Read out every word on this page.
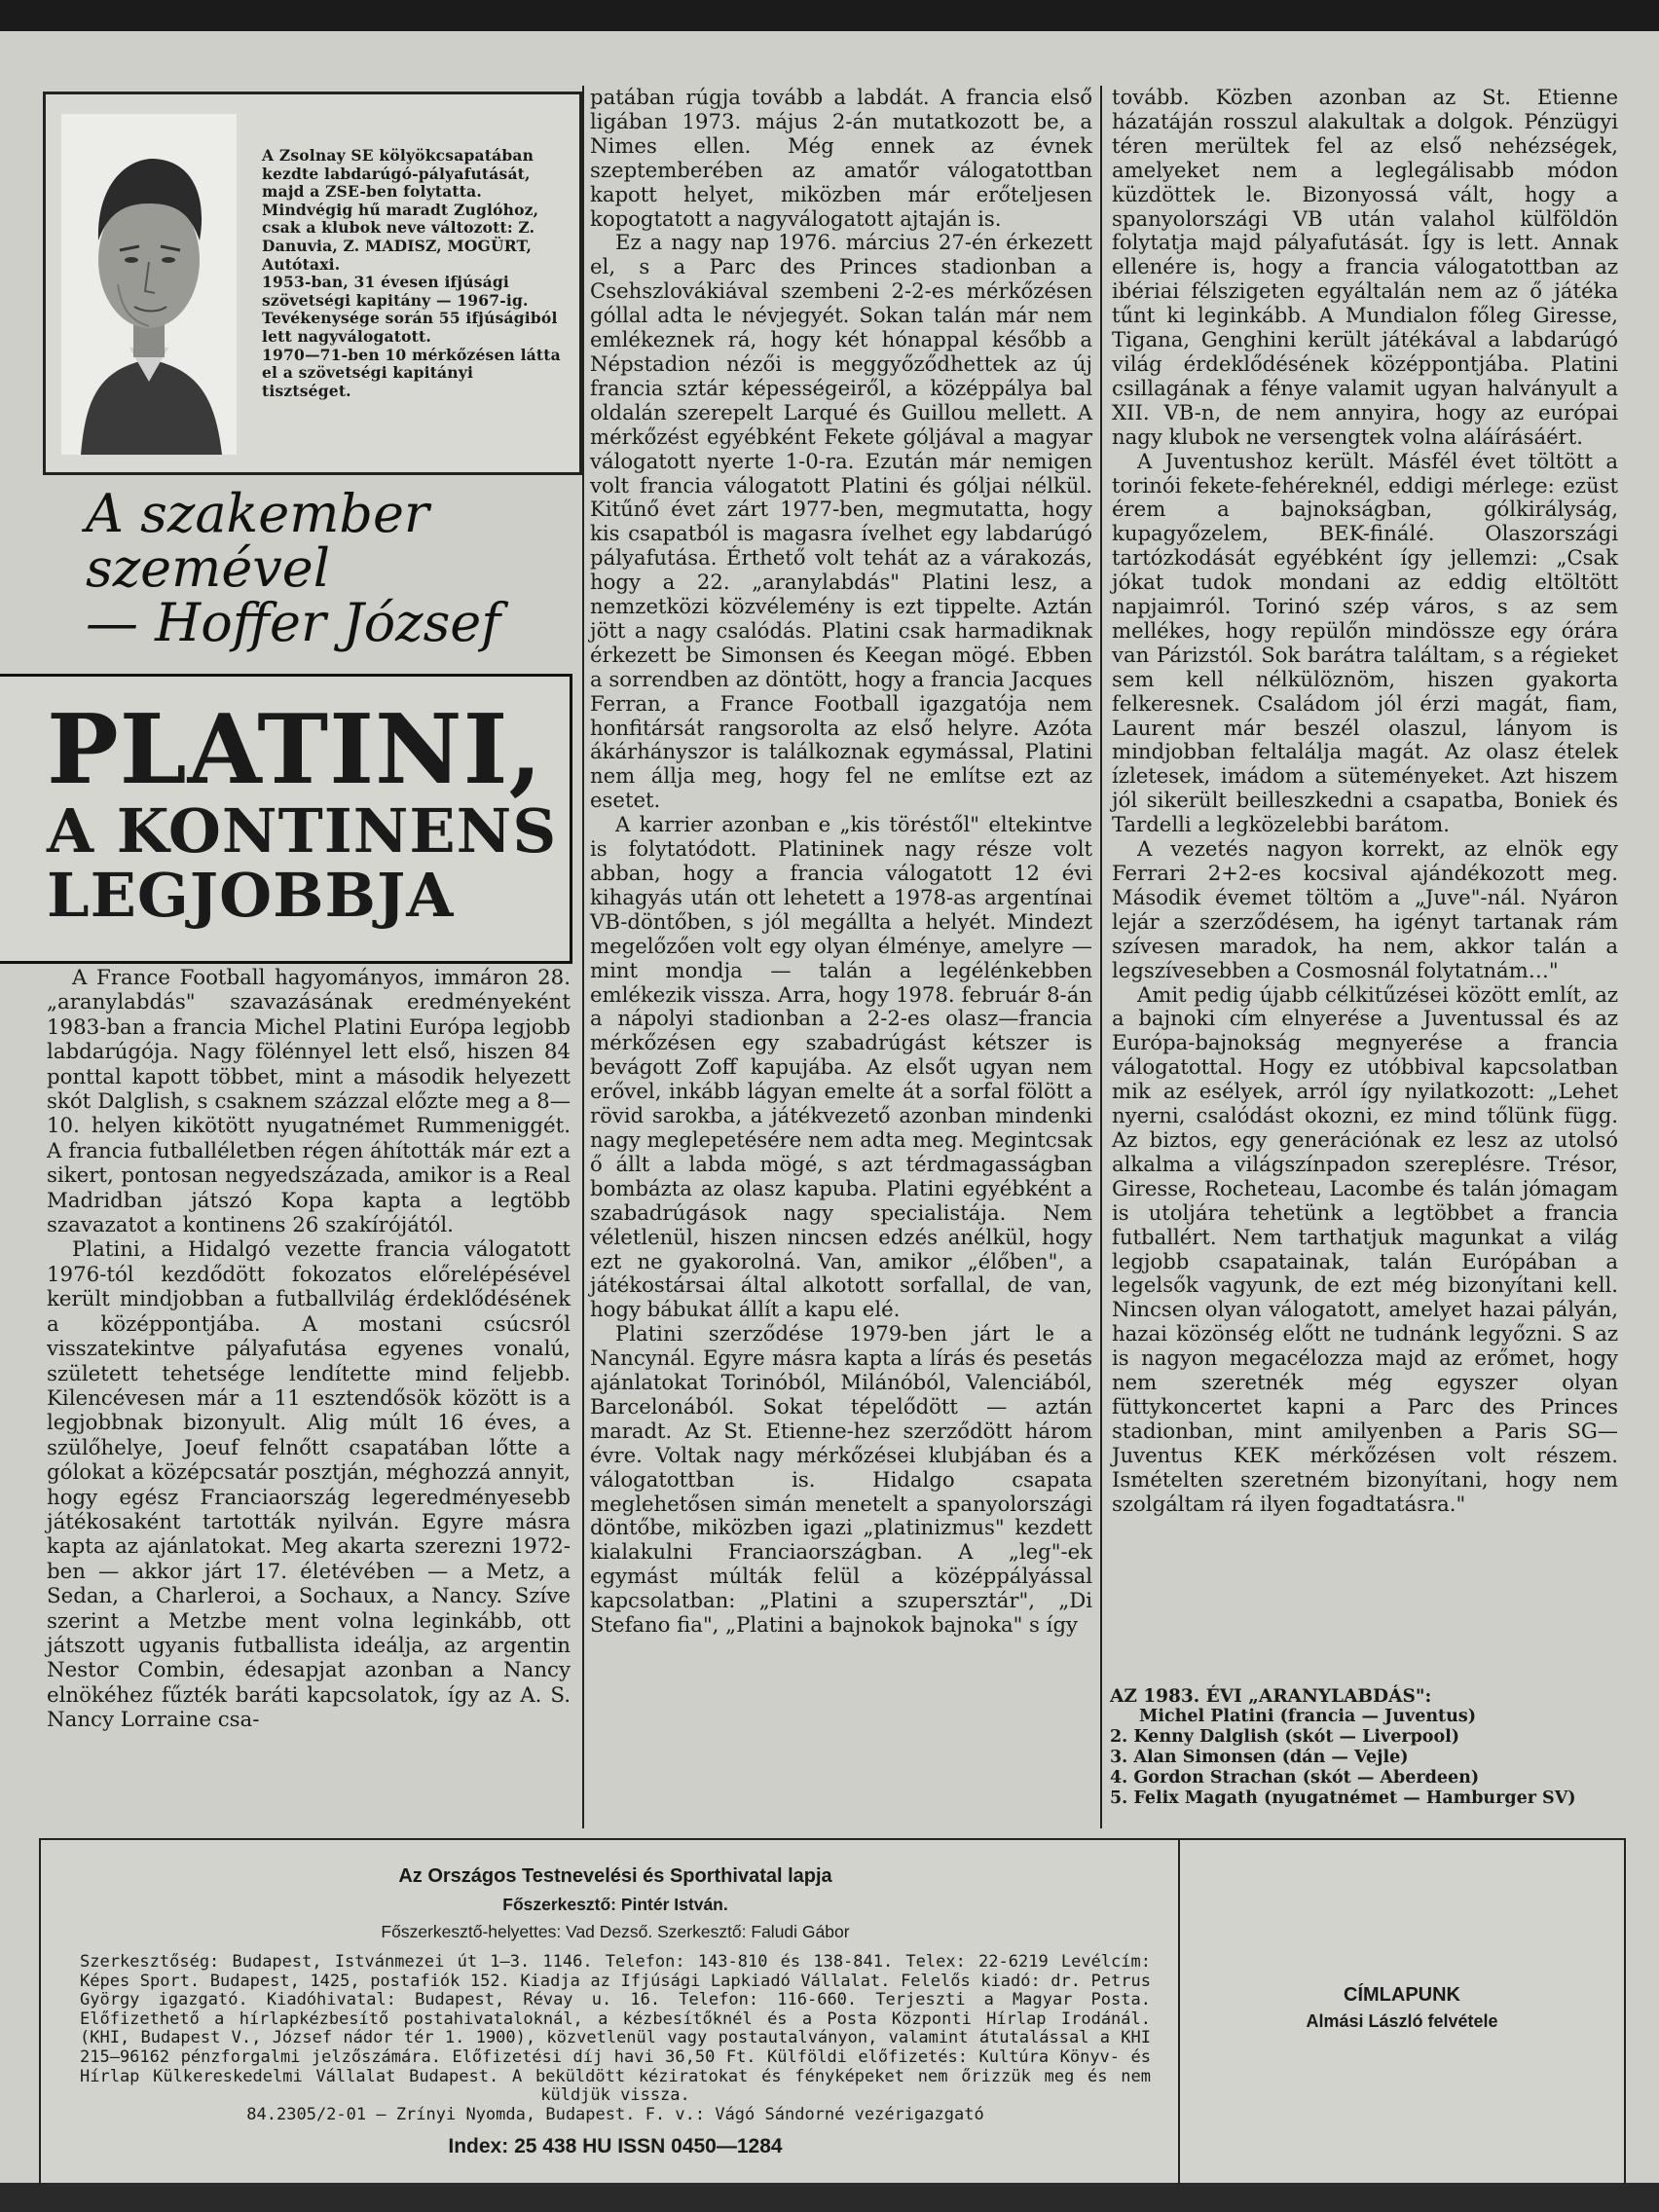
A Zsolnay SE kölyökcsapatában kezdte labdarúgó-pályafutását, majd a ZSE-ben folytatta. Mindvégig hű maradt Zuglóhoz, csak a klubok neve változott: Z. Danuvia, Z. MADISZ, MOGÜRT, Autótaxi.

1953-ban, 31 évesen ifjúsági szövetségi kapitány — 1967-ig. Tevékenysége során 55 ifjúságiból lett nagyválogatott.

1970—71-ben 10 mérkőzésen látta el a szövetségi kapitányi tisztséget.

A szakember
szemével
— Hoffer József
PLATINI,
A KONTINENS
LEGJOBBJA

A France Football hagyományos, immáron 28. „aranylabdás" szavazásának eredményeként 1983-ban a francia Michel Platini Európa legjobb labdarúgója. Nagy fölénnyel lett első, hiszen 84 ponttal kapott többet, mint a második helyezett skót Dalglish, s csaknem százzal előzte meg a 8—10. helyen kikötött nyugatnémet Rummeniggét. A francia futballéletben régen áhították már ezt a sikert, pontosan negyedszázada, amikor is a Real Madridban játszó Kopa kapta a legtöbb szavazatot a kontinens 26 szakírójától.

Platini, a Hidalgó vezette francia válogatott 1976-tól kezdődött fokozatos előrelépésével került mindjobban a futballvilág érdeklődésének a középpontjába. A mostani csúcsról visszatekintve pályafutása egyenes vonalú, született tehetsége lendítette mind feljebb. Kilencévesen már a 11 esztendősök között is a legjobbnak bizonyult. Alig múlt 16 éves, a szülőhelye, Joeuf felnőtt csapatában lőtte a gólokat a középcsatár posztján, méghozzá annyit, hogy egész Franciaország legeredményesebb játékosaként tartották nyilván. Egyre másra kapta az ajánlatokat. Meg akarta szerezni 1972-ben — akkor járt 17. életévében — a Metz, a Sedan, a Charleroi, a Sochaux, a Nancy. Szíve szerint a Metzbe ment volna leginkább, ott játszott ugyanis futballista ideálja, az argentin Nestor Combin, édesapjat azonban a Nancy elnökéhez fűzték baráti kapcsolatok, így az A. S. Nancy Lorraine csa-

patában rúgja tovább a labdát. A francia első ligában 1973. május 2-án mutatkozott be, a Nimes ellen. Még ennek az évnek szeptemberében az amatőr válogatottban kapott helyet, miközben már erőteljesen kopogtatott a nagyválogatott ajtaján is.

Ez a nagy nap 1976. március 27-én érkezett el, s a Parc des Princes stadionban a Csehszlovákiával szembeni 2-2-es mérkőzésen góllal adta le névjegyét. Sokan talán már nem emlékeznek rá, hogy két hónappal később a Népstadion nézői is meggyőződhettek az új francia sztár képességeiről, a középpálya bal oldalán szerepelt Larqué és Guillou mellett. A mérkőzést egyébként Fekete góljával a magyar válogatott nyerte 1-0-ra. Ezután már nemigen volt francia válogatott Platini és góljai nélkül. Kitűnő évet zárt 1977-ben, megmutatta, hogy kis csapatból is magasra ívelhet egy labdarúgó pályafutása. Érthető volt tehát az a várakozás, hogy a 22. „aranylabdás" Platini lesz, a nemzetközi közvélemény is ezt tippelte. Aztán jött a nagy csalódás. Platini csak harmadiknak érkezett be Simonsen és Keegan mögé. Ebben a sorrendben az döntött, hogy a francia Jacques Ferran, a France Football igazgatója nem honfitársát rangsorolta az első helyre. Azóta ákárhányszor is találkoznak egymással, Platini nem állja meg, hogy fel ne említse ezt az esetet.

A karrier azonban e „kis töréstől" eltekintve is folytatódott. Platininek nagy része volt abban, hogy a francia válogatott 12 évi kihagyás után ott lehetett a 1978-as argentínai VB-döntőben, s jól megállta a helyét. Mindezt megelőzően volt egy olyan élménye, amelyre — mint mondja — talán a legélénkebben emlékezik vissza. Arra, hogy 1978. február 8-án a nápolyi stadionban a 2-2-es olasz—francia mérkőzésen egy szabadrúgást kétszer is bevágott Zoff kapujába. Az elsőt ugyan nem erővel, inkább lágyan emelte át a sorfal fölött a rövid sarokba, a játékvezető azonban mindenki nagy meglepetésére nem adta meg. Megintcsak ő állt a labda mögé, s azt térdmagasságban bombázta az olasz kapuba. Platini egyébként a szabadrúgások nagy specialistája. Nem véletlenül, hiszen nincsen edzés anélkül, hogy ezt ne gyakorolná. Van, amikor „élőben", a játékostársai által alkotott sorfallal, de van, hogy bábukat állít a kapu elé.

Platini szerződése 1979-ben járt le a Nancynál. Egyre másra kapta a lírás és pesetás ajánlatokat Torinóból, Milánóból, Valenciából, Barcelonából. Sokat tépelődött — aztán maradt. Az St. Etienne-hez szerződött három évre. Voltak nagy mérkőzései klubjában és a válogatottban is. Hidalgo csapata meglehetősen simán menetelt a spanyolországi döntőbe, miközben igazi „platinizmus" kezdett kialakulni Franciaországban. A „leg"-ek egymást múlták felül a középpályással kapcsolatban: „Platini a szupersztár", „Di Stefano fia", „Platini a bajnokok bajnoka" s így

tovább. Közben azonban az St. Etienne házatáján rosszul alakultak a dolgok. Pénzügyi téren merültek fel az első nehézségek, amelyeket nem a leglegálisabb módon küzdöttek le. Bizonyossá vált, hogy a spanyolországi VB után valahol külföldön folytatja majd pályafutását. Így is lett. Annak ellenére is, hogy a francia válogatottban az ibériai félszigeten egyáltalán nem az ő játéka tűnt ki leginkább. A Mundialon főleg Giresse, Tigana, Genghini került játékával a labdarúgó világ érdeklődésének középpontjába. Platini csillagának a fénye valamit ugyan halványult a XII. VB-n, de nem annyira, hogy az európai nagy klubok ne versengtek volna aláírásáért.

A Juventushoz került. Másfél évet töltött a torinói fekete-fehéreknél, eddigi mérlege: ezüst érem a bajnokságban, gólkirályság, kupagyőzelem, BEK-finálé. Olaszországi tartózkodását egyébként így jellemzi: „Csak jókat tudok mondani az eddig eltöltött napjaimról. Torinó szép város, s az sem mellékes, hogy repülőn mindössze egy órára van Párizstól. Sok barátra találtam, s a régieket sem kell nélkülöznöm, hiszen gyakorta felkeresnek. Családom jól érzi magát, fiam, Laurent már beszél olaszul, lányom is mindjobban feltalálja magát. Az olasz ételek ízletesek, imádom a süteményeket. Azt hiszem jól sikerült beilleszkedni a csapatba, Boniek és Tardelli a legközelebbi barátom.

A vezetés nagyon korrekt, az elnök egy Ferrari 2+2-es kocsival ajándékozott meg. Második évemet töltöm a „Juve"-nál. Nyáron lejár a szerződésem, ha igényt tartanak rám szívesen maradok, ha nem, akkor talán a legszívesebben a Cosmosnál folytatnám…"

Amit pedig újabb célkitűzései között említ, az a bajnoki cím elnyerése a Juventussal és az Európa-bajnokság megnyerése a francia válogatottal. Hogy ez utóbbival kapcsolatban mik az esélyek, arról így nyilatkozott: „Lehet nyerni, csalódást okozni, ez mind tőlünk függ. Az biztos, egy generációnak ez lesz az utolsó alkalma a világszínpadon szereplésre. Trésor, Giresse, Rocheteau, Lacombe és talán jómagam is utoljára tehetünk a legtöbbet a francia futballért. Nem tarthatjuk magunkat a világ legjobb csapatainak, talán Európában a legelsők vagyunk, de ezt még bizonyítani kell. Nincsen olyan válogatott, amelyet hazai pályán, hazai közönség előtt ne tudnánk legyőzni. S az is nagyon megacélozza majd az erőmet, hogy nem szeretnék még egyszer olyan füttykoncertet kapni a Parc des Princes stadionban, mint amilyenben a Paris SG—Juventus KEK mérkőzésen volt részem. Ismételten szeretném bizonyítani, hogy nem szolgáltam rá ilyen fogadtatásra."

AZ 1983. ÉVI „ARANYLABDÁS":

Michel Platini (francia — Juventus)

2. Kenny Dalglish (skót — Liverpool)

3. Alan Simonsen (dán — Vejle)

4. Gordon Strachan (skót — Aberdeen)

5. Felix Magath (nyugatnémet — Hamburger SV)

Az Országos Testnevelési és Sporthivatal lapja

Főszerkesztő: Pintér István.

Főszerkesztő-helyettes: Vad Dezső. Szerkesztő: Faludi Gábor

Szerkesztőség: Budapest, Istvánmezei út 1—3. 1146. Telefon: 143-810 és 138-841. Telex: 22-6219 Levélcím: Képes Sport. Budapest, 1425, postafiók 152. Kiadja az Ifjúsági Lapkiadó Vállalat. Felelős kiadó: dr. Petrus György igazgató. Kiadóhivatal: Budapest, Révay u. 16. Telefon: 116-660. Terjeszti a Magyar Posta. Előfizethető a hírlapkézbesítő postahivataloknál, a kézbesítőknél és a Posta Központi Hírlap Irodánál. (KHI, Budapest V., József nádor tér 1. 1900), közvetlenül vagy postautalványon, valamint átutalással a KHI 215—96162 pénzforgalmi jelzőszámára. Előfizetési díj havi 36,50 Ft. Külföldi előfizetés: Kultúra Könyv- és Hírlap Külkereskedelmi Vállalat Budapest. A beküldött kéziratokat és fényképeket nem őrizzük meg és nem küldjük vissza.

84.2305/2-01 — Zrínyi Nyomda, Budapest. F. v.: Vágó Sándorné vezérigazgató

Index: 25 438 HU ISSN 0450—1284

CÍMLAPUNK
Almási László felvétele
